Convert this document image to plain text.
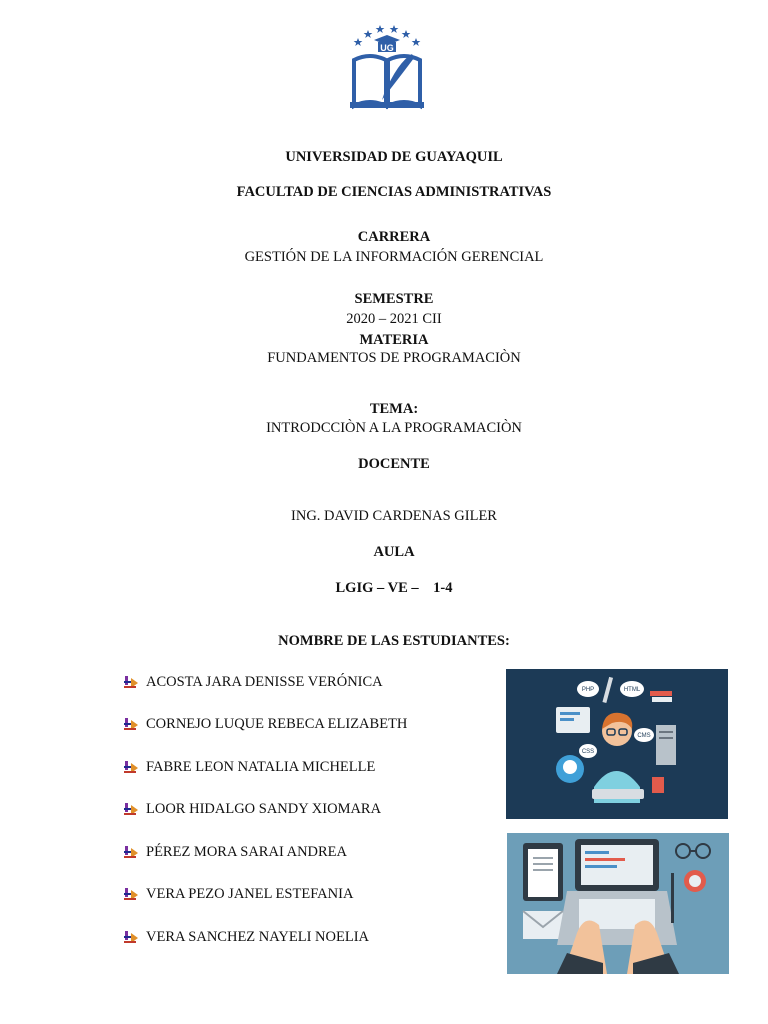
UG
UNIVERSIDAD DE GUAYAQUIL
FACULTAD DE CIENCIAS ADMINISTRATIVAS
CARRERA
GESTIÓN DE LA INFORMACIÓN GERENCIAL
SEMESTRE
2020 – 2021 CII
MATERIA
FUNDAMENTOS DE PROGRAMACIÒN
TEMA:
INTRODCCIÒN A LA PROGRAMACIÒN
DOCENTE
ING. DAVID CARDENAS GILER
AULA
LGIG – VE –    1-4
NOMBRE DE LAS ESTUDIANTES:
ACOSTA JARA DENISSE VERÓNICA
CORNEJO LUQUE REBECA ELIZABETH
FABRE LEON NATALIA MICHELLE
LOOR HIDALGO SANDY XIOMARA
PÉREZ MORA SARAI ANDREA
VERA PEZO JANEL ESTEFANIA
VERA SANCHEZ NAYELI NOELIA
PHP	HTML
CMS
CSS
